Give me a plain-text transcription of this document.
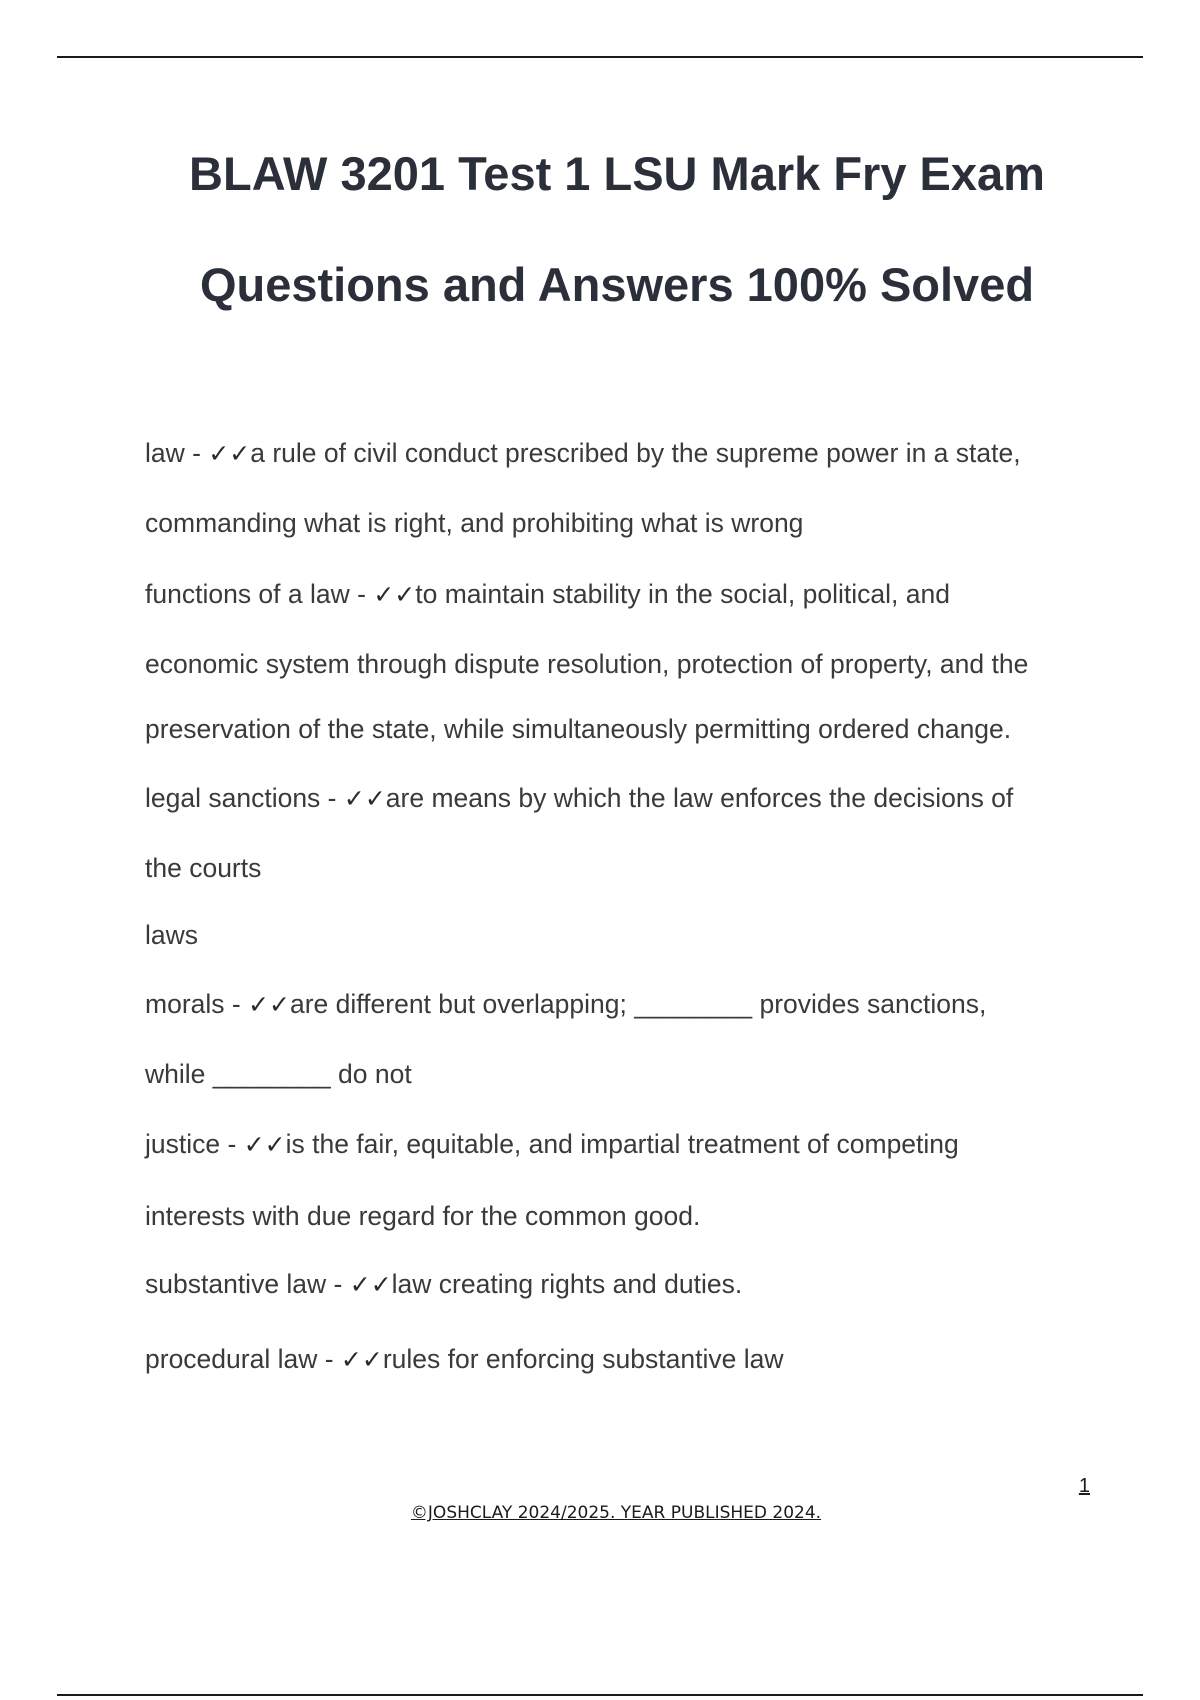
BLAW 3201 Test 1 LSU Mark Fry Exam
Questions and Answers 100% Solved
law - ✓✓a rule of civil conduct prescribed by the supreme power in a state,
commanding what is right, and prohibiting what is wrong
functions of a law - ✓✓to maintain stability in the social, political, and
economic system through dispute resolution, protection of property, and the
preservation of the state, while simultaneously permitting ordered change.
legal sanctions - ✓✓are means by which the law enforces the decisions of
the courts
laws
morals - ✓✓are different but overlapping; ________ provides sanctions,
while ________ do not
justice - ✓✓is the fair, equitable, and impartial treatment of competing
interests with due regard for the common good.
substantive law - ✓✓law creating rights and duties.
procedural law - ✓✓rules for enforcing substantive law
1
©JOSHCLAY 2024/2025. YEAR PUBLISHED 2024.
